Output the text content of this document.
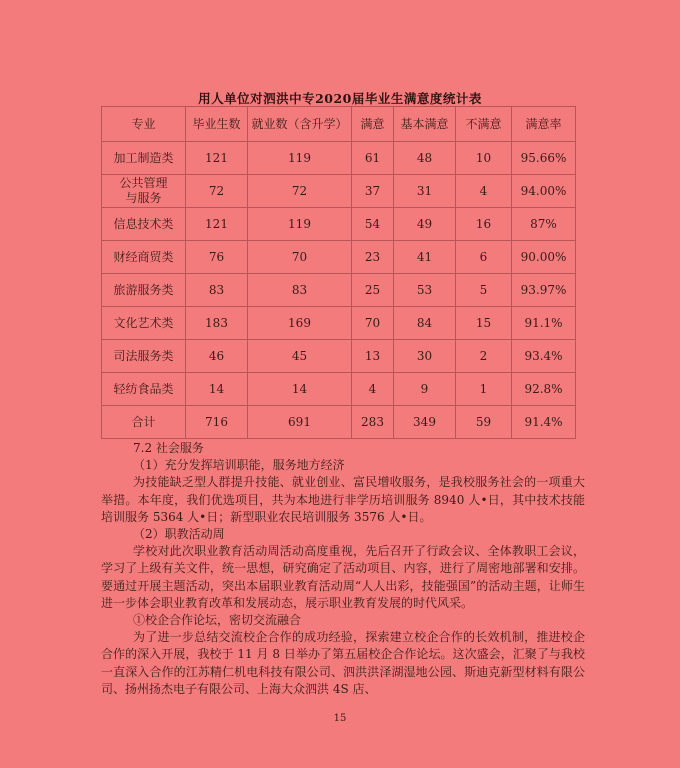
用人单位对泗洪中专2020届毕业生满意度统计表
专业	毕业生数	就业数（含升学）	满意	基本满意	不满意	满意率
加工制造类	121	119	61	48	10	95.66%
公共管理与服务	72	72	37	31	4	94.00%
信息技术类	121	119	54	49	16	87%
财经商贸类	76	70	23	41	6	90.00%
旅游服务类	83	83	25	53	5	93.97%
文化艺术类	183	169	70	84	15	91.1%
司法服务类	46	45	13	30	2	93.4%
轻纺食品类	14	14	4	9	1	92.8%
合计	716	691	283	349	59	91.4%

7.2 社会服务

（1）充分发挥培训职能，服务地方经济

为技能缺乏型人群提升技能、就业创业、富民增收服务，是我校服务社会的一项重大举措。本年度，我们优选项目，共为本地进行非学历培训服务 8940 人•日，其中技术技能培训服务 5364 人•日；新型职业农民培训服务 3576 人•日。

（2）职教活动周

学校对此次职业教育活动周活动高度重视，先后召开了行政会议、全体教职工会议，学习了上级有关文件，统一思想，研究确定了活动项目、内容，进行了周密地部署和安排。要通过开展主题活动，突出本届职业教育活动周“人人出彩，技能强国”的活动主题，让师生进一步体会职业教育改革和发展动态，展示职业教育发展的时代风采。

①校企合作论坛，密切交流融合

为了进一步总结交流校企合作的成功经验，探索建立校企合作的长效机制，推进校企合作的深入开展，我校于 11 月 8 日举办了第五届校企合作论坛。这次盛会，汇聚了与我校一直深入合作的江苏精仁机电科技有限公司、泗洪洪泽湖湿地公园、斯迪克新型材料有限公司、扬州扬杰电子有限公司、上海大众泗洪 4S 店、

15
